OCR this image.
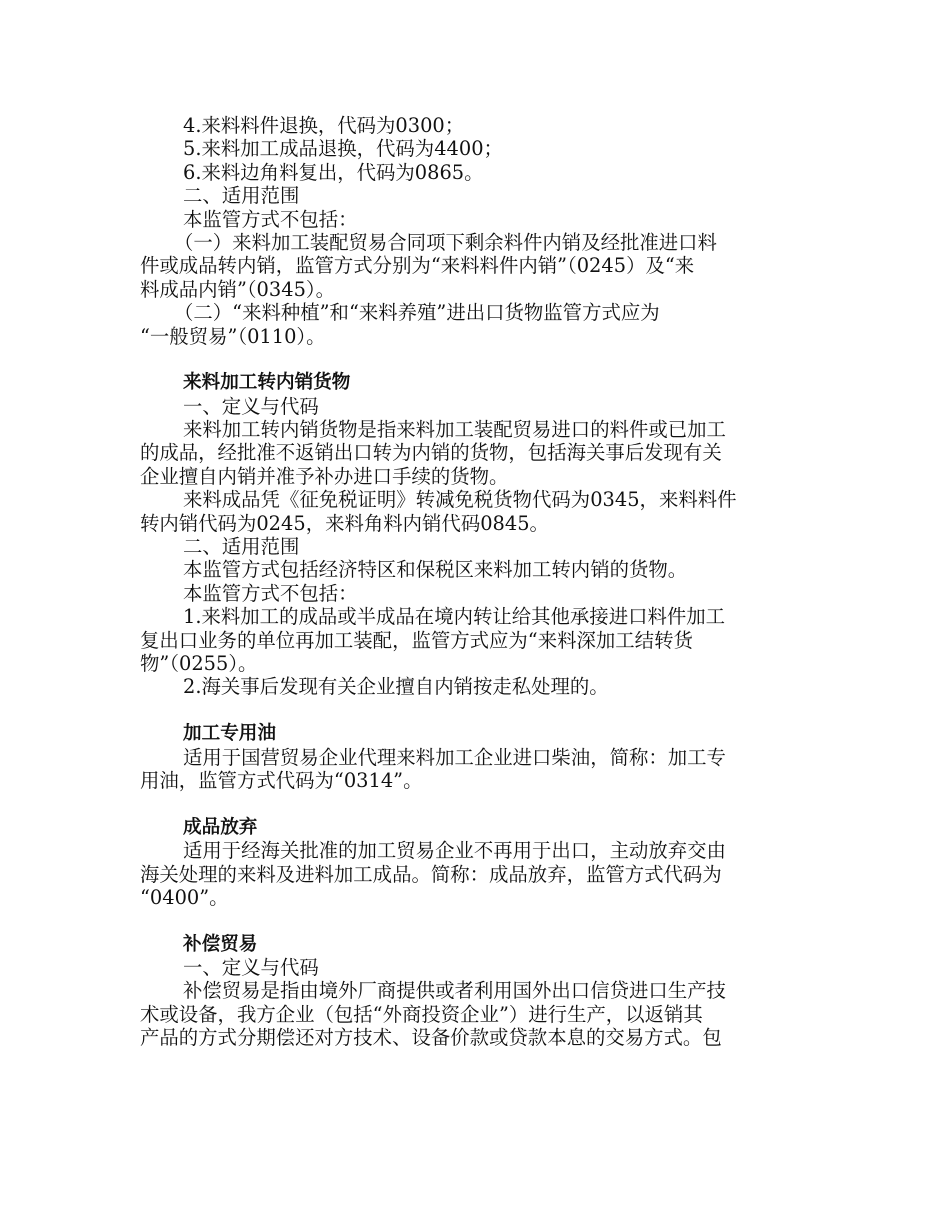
4.来料料件退换，代码为0300；
5.来料加工成品退换，代码为4400；
6.来料边角料复出，代码为0865。
二、适用范围
本监管方式不包括：
（一）来料加工装配贸易合同项下剩余料件内销及经批准进口料
件或成品转内销，监管方式分别为“来料料件内销”（0245）及“来
料成品内销”（0345）。
（二）“来料种植”和“来料养殖”进出口货物监管方式应为
“一般贸易”（0110）。
来料加工转内销货物
一、定义与代码
来料加工转内销货物是指来料加工装配贸易进口的料件或已加工
的成品，经批准不返销出口转为内销的货物，包括海关事后发现有关
企业擅自内销并准予补办进口手续的货物。
来料成品凭《征免税证明》转减免税货物代码为0345，来料料件
转内销代码为0245，来料角料内销代码0845。
二、适用范围
本监管方式包括经济特区和保税区来料加工转内销的货物。
本监管方式不包括：
1.来料加工的成品或半成品在境内转让给其他承接进口料件加工
复出口业务的单位再加工装配，监管方式应为“来料深加工结转货
物”（0255）。
2.海关事后发现有关企业擅自内销按走私处理的。
加工专用油
适用于国营贸易企业代理来料加工企业进口柴油，简称：加工专
用油，监管方式代码为“0314”。
成品放弃
适用于经海关批准的加工贸易企业不再用于出口，主动放弃交由
海关处理的来料及进料加工成品。简称：成品放弃，监管方式代码为
“0400”。
补偿贸易
一、定义与代码
补偿贸易是指由境外厂商提供或者利用国外出口信贷进口生产技
术或设备，我方企业（包括“外商投资企业”）进行生产，以返销其
产品的方式分期偿还对方技术、设备价款或贷款本息的交易方式。包
